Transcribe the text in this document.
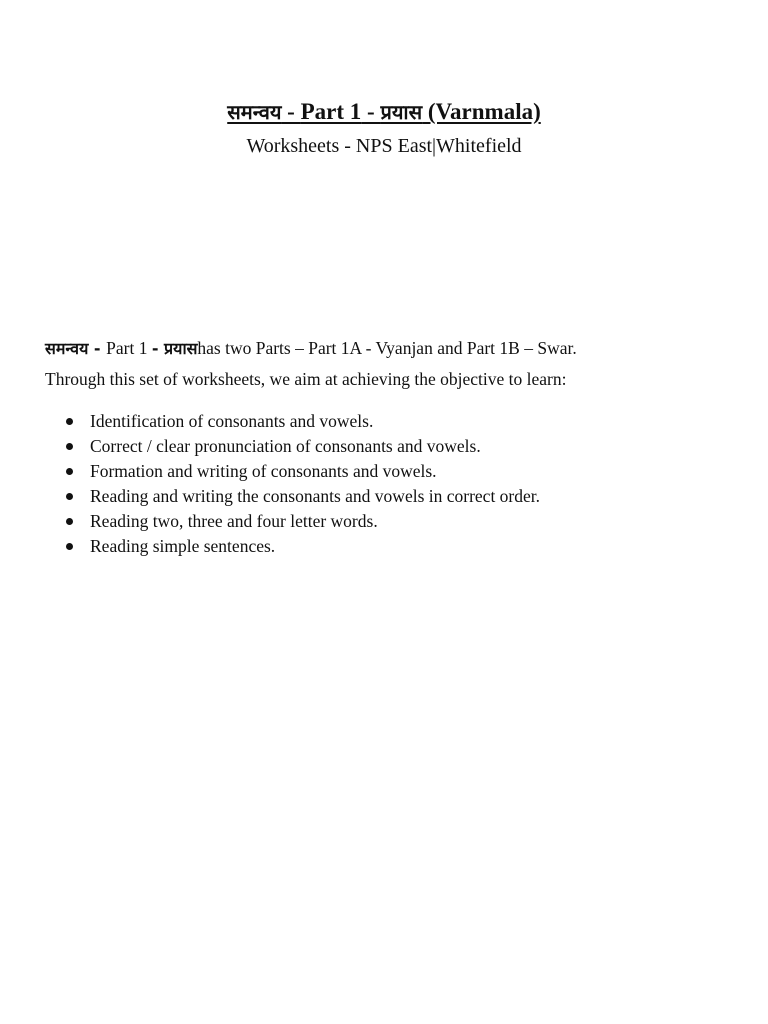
समन्वय - Part 1 - प्रयास (Varnmala)
Worksheets - NPS East|Whitefield
समन्वय - Part 1 - प्रयासhas two Parts – Part 1A - Vyanjan and Part 1B – Swar.
Through this set of worksheets, we aim at achieving the objective to learn:
Identification of consonants and vowels.
Correct / clear pronunciation of consonants and vowels.
Formation and writing of consonants and vowels.
Reading and writing the consonants and vowels in correct order.
Reading two, three and four letter words.
Reading simple sentences.
